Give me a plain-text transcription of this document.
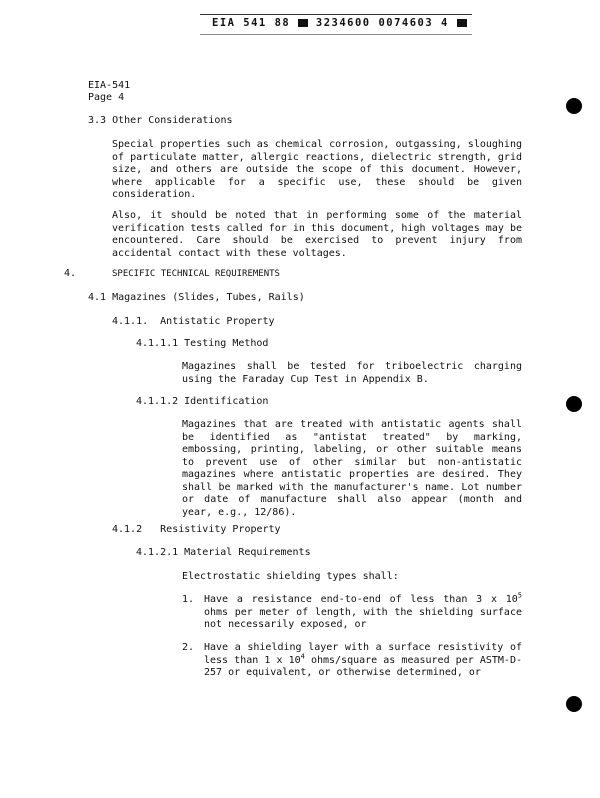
EIA 541 88 3234600 0074603 4
EIA-541
Page 4
3.3 Other Considerations
Special properties such as chemical corrosion, outgassing, sloughing of particulate matter, allergic reactions, dielectric strength, grid size, and others are outside the scope of this document. However, where applicable for a specific use, these should be given consideration.
Also, it should be noted that in performing some of the material verification tests called for in this document, high voltages may be encountered. Care should be exercised to prevent injury from accidental contact with these voltages.
4.	SPECIFIC TECHNICAL REQUIREMENTS
4.1 Magazines (Slides, Tubes, Rails)
4.1.1.  Antistatic Property
4.1.1.1 Testing Method
Magazines shall be tested for triboelectric charging using the Faraday Cup Test in Appendix B.
4.1.1.2 Identification
Magazines that are treated with antistatic agents shall be identified as "antistat treated" by marking, embossing, printing, labeling, or other suitable means to prevent use of other similar but non-antistatic magazines where antistatic properties are desired. They shall be marked with the manufacturer's name. Lot number or date of manufacture shall also appear (month and year, e.g., 12/86).
4.1.2   Resistivity Property
4.1.2.1 Material Requirements
Electrostatic shielding types shall:
1. Have a resistance end-to-end of less than 3 x $10^5$ ohms per meter of length, with the shielding surface not necessarily exposed, or
2. Have a shielding layer with a surface resistivity of less than 1 x $10^4$ ohms/square as measured per ASTM-D-257 or equivalent, or otherwise determined, or
